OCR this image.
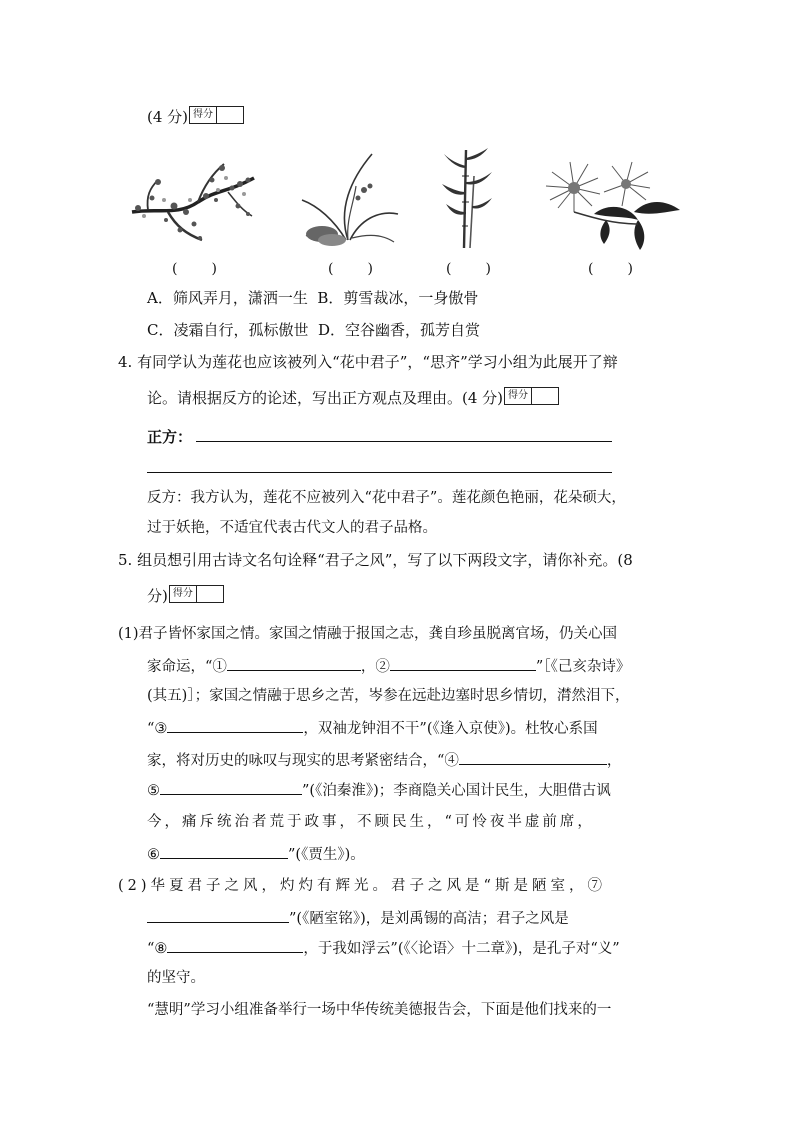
(4 分) 得分
(　)	(　)	(　)	(　)
A．筛风弄月，潇洒一生 B．剪雪裁冰，一身傲骨
C．凌霜自行，孤标傲世 D．空谷幽香，孤芳自赏
4. 有同学认为莲花也应该被列入“花中君子”，“思齐”学习小组为此展开了辩
论。请根据反方的论述，写出正方观点及理由。(4 分) 得分
正方：
反方：我方认为，莲花不应被列入“花中君子”。莲花颜色艳丽，花朵硕大，
过于妖艳，不适宜代表古代文人的君子品格。
5. 组员想引用古诗文名句诠释“君子之风”，写了以下两段文字，请你补充。(8
分) 得分
(1)君子皆怀家国之情。家国之情融于报国之志，龚自珍虽脱离官场，仍关心国
家命运，“①	，②	”［《己亥杂诗》
(其五)］；家国之情融于思乡之苦，岑参在远赴边塞时思乡情切，潸然泪下，
“③	，双袖龙钟泪不干”(《逢入京使》)。杜牧心系国
家，将对历史的咏叹与现实的思考紧密结合，“④	，
⑤	”(《泊秦淮》)；李商隐关心国计民生，大胆借古讽
今，痛斥统治者荒于政事，不顾民生，“可怜夜半虚前席，
⑥	”(《贾生》)。
(2)华夏君子之风，灼灼有辉光。君子之风是“斯是陋室，⑦
”(《陋室铭》)，是刘禹锡的高洁；君子之风是
“⑧	，于我如浮云”(《〈论语〉十二章》)，是孔子对“义”
的坚守。
“慧明”学习小组准备举行一场中华传统美德报告会，下面是他们找来的一
